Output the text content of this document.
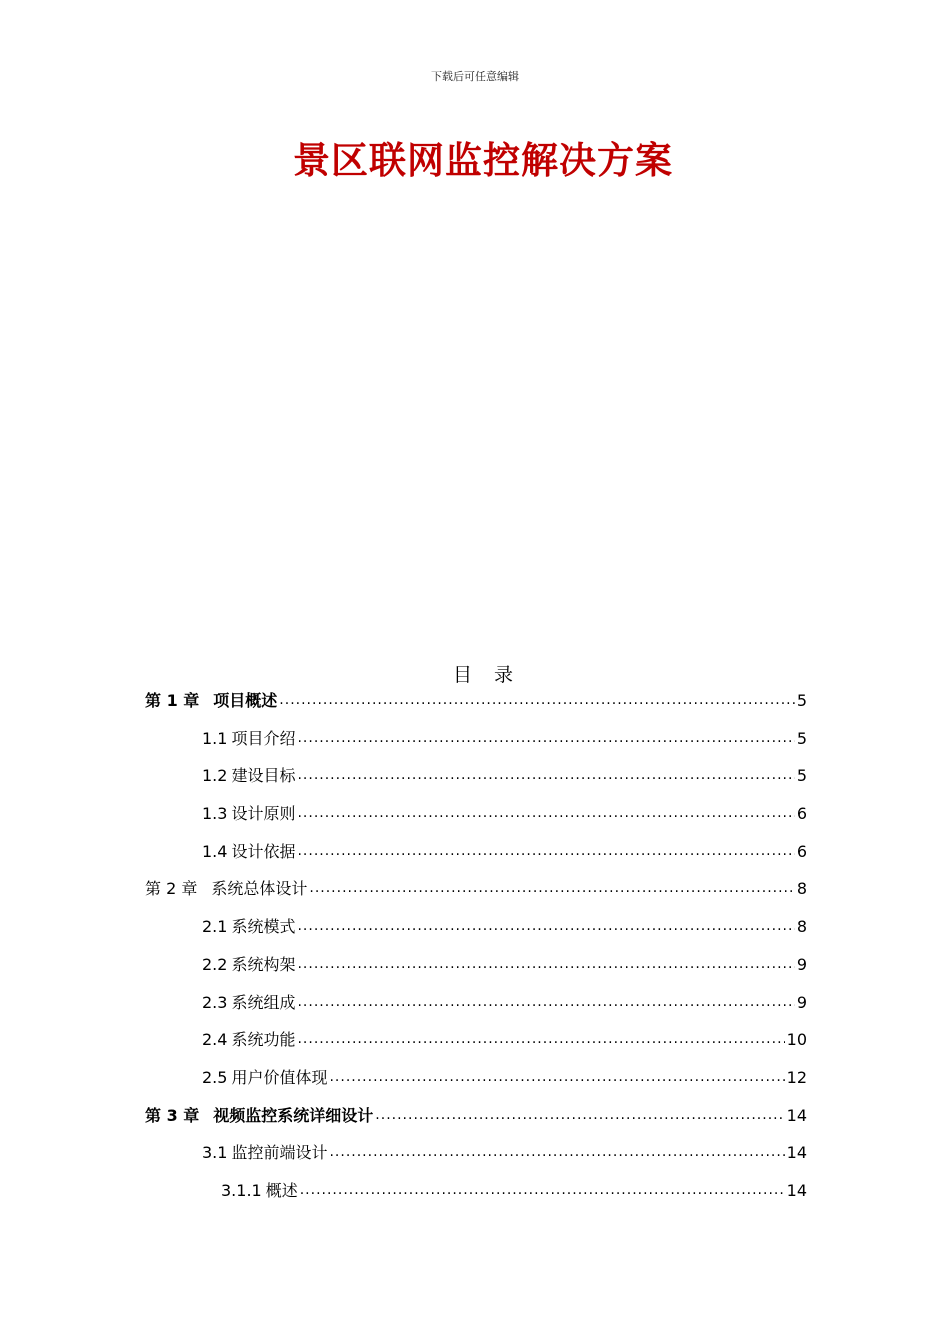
下载后可任意编辑
景区联网监控解决方案
目录
第 1 章 项目概述 .....	5
1.1 项目介绍 .....	5
1.2 建设目标 .....	5
1.3 设计原则 .....	6
1.4 设计依据 .....	6
第 2 章 系统总体设计 .....	8
2.1 系统模式 .....	8
2.2 系统构架 .....	9
2.3 系统组成 .....	9
2.4 系统功能 .....	10
2.5 用户价值体现 .....	12
第 3 章 视频监控系统详细设计 .....	14
3.1 监控前端设计 .....	14
3.1.1 概述 .....	14
